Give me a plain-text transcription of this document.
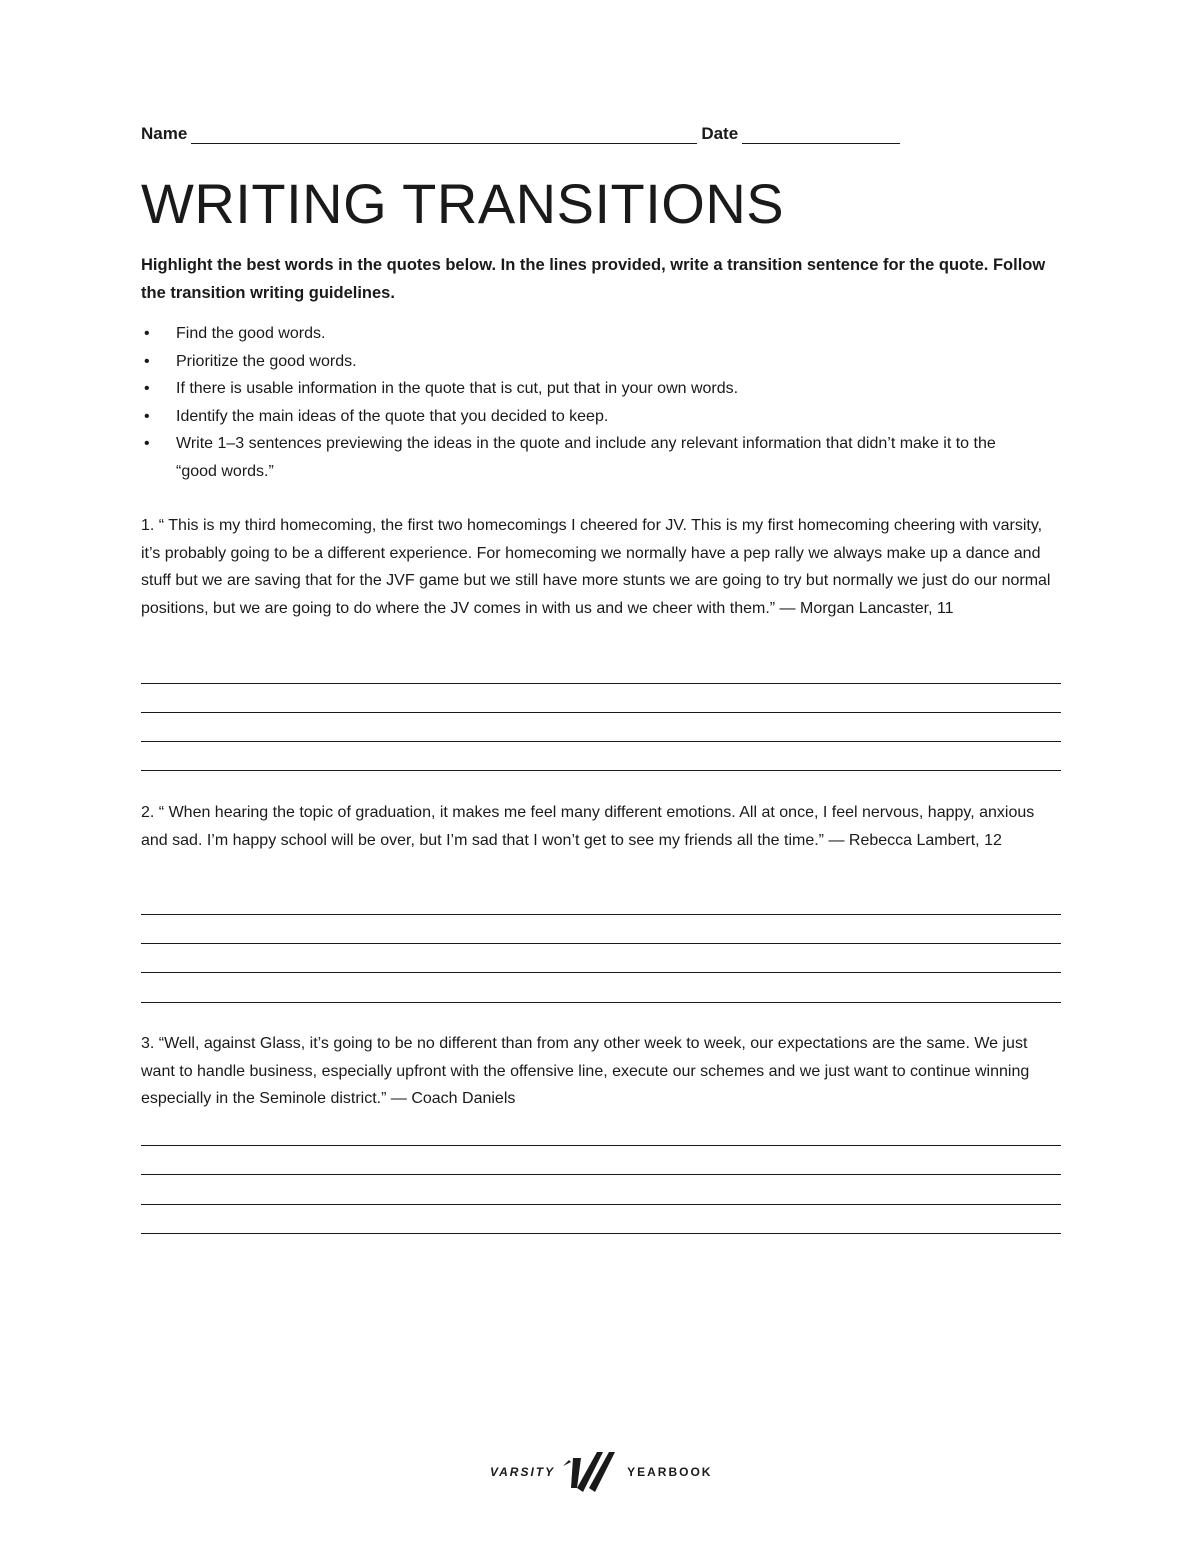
Name	Date
WRITING TRANSITIONS

Highlight the best words in the quotes below. In the lines provided, write a transition sentence for the quote. Follow the transition writing guidelines.

• Find the good words.
• Prioritize the good words.
• If there is usable information in the quote that is cut, put that in your own words.
• Identify the main ideas of the quote that you decided to keep.
• Write 1–3 sentences previewing the ideas in the quote and include any relevant information that didn’t make it to the “good words.”

1. “ This is my third homecoming, the first two homecomings I cheered for JV. This is my first homecoming cheering with varsity, it’s probably going to be a different experience. For homecoming we normally have a pep rally we always make up a dance and stuff but we are saving that for the JVF game but we still have more stunts we are going to try but normally we just do our normal positions, but we are going to do where the JV comes in with us and we cheer with them.” — Morgan Lancaster, 11

2. “ When hearing the topic of graduation, it makes me feel many different emotions. All at once, I feel nervous, happy, anxious and sad. I’m happy school will be over, but I’m sad that I won’t get to see my friends all the time.” — Rebecca Lambert, 12

3. “Well, against Glass, it’s going to be no different than from any other week to week, our expectations are the same. We just want to handle business, especially upfront with the offensive line, execute our schemes and we just want to continue winning especially in the Seminole district.” — Coach Daniels

VARSITY	YEARBOOK
